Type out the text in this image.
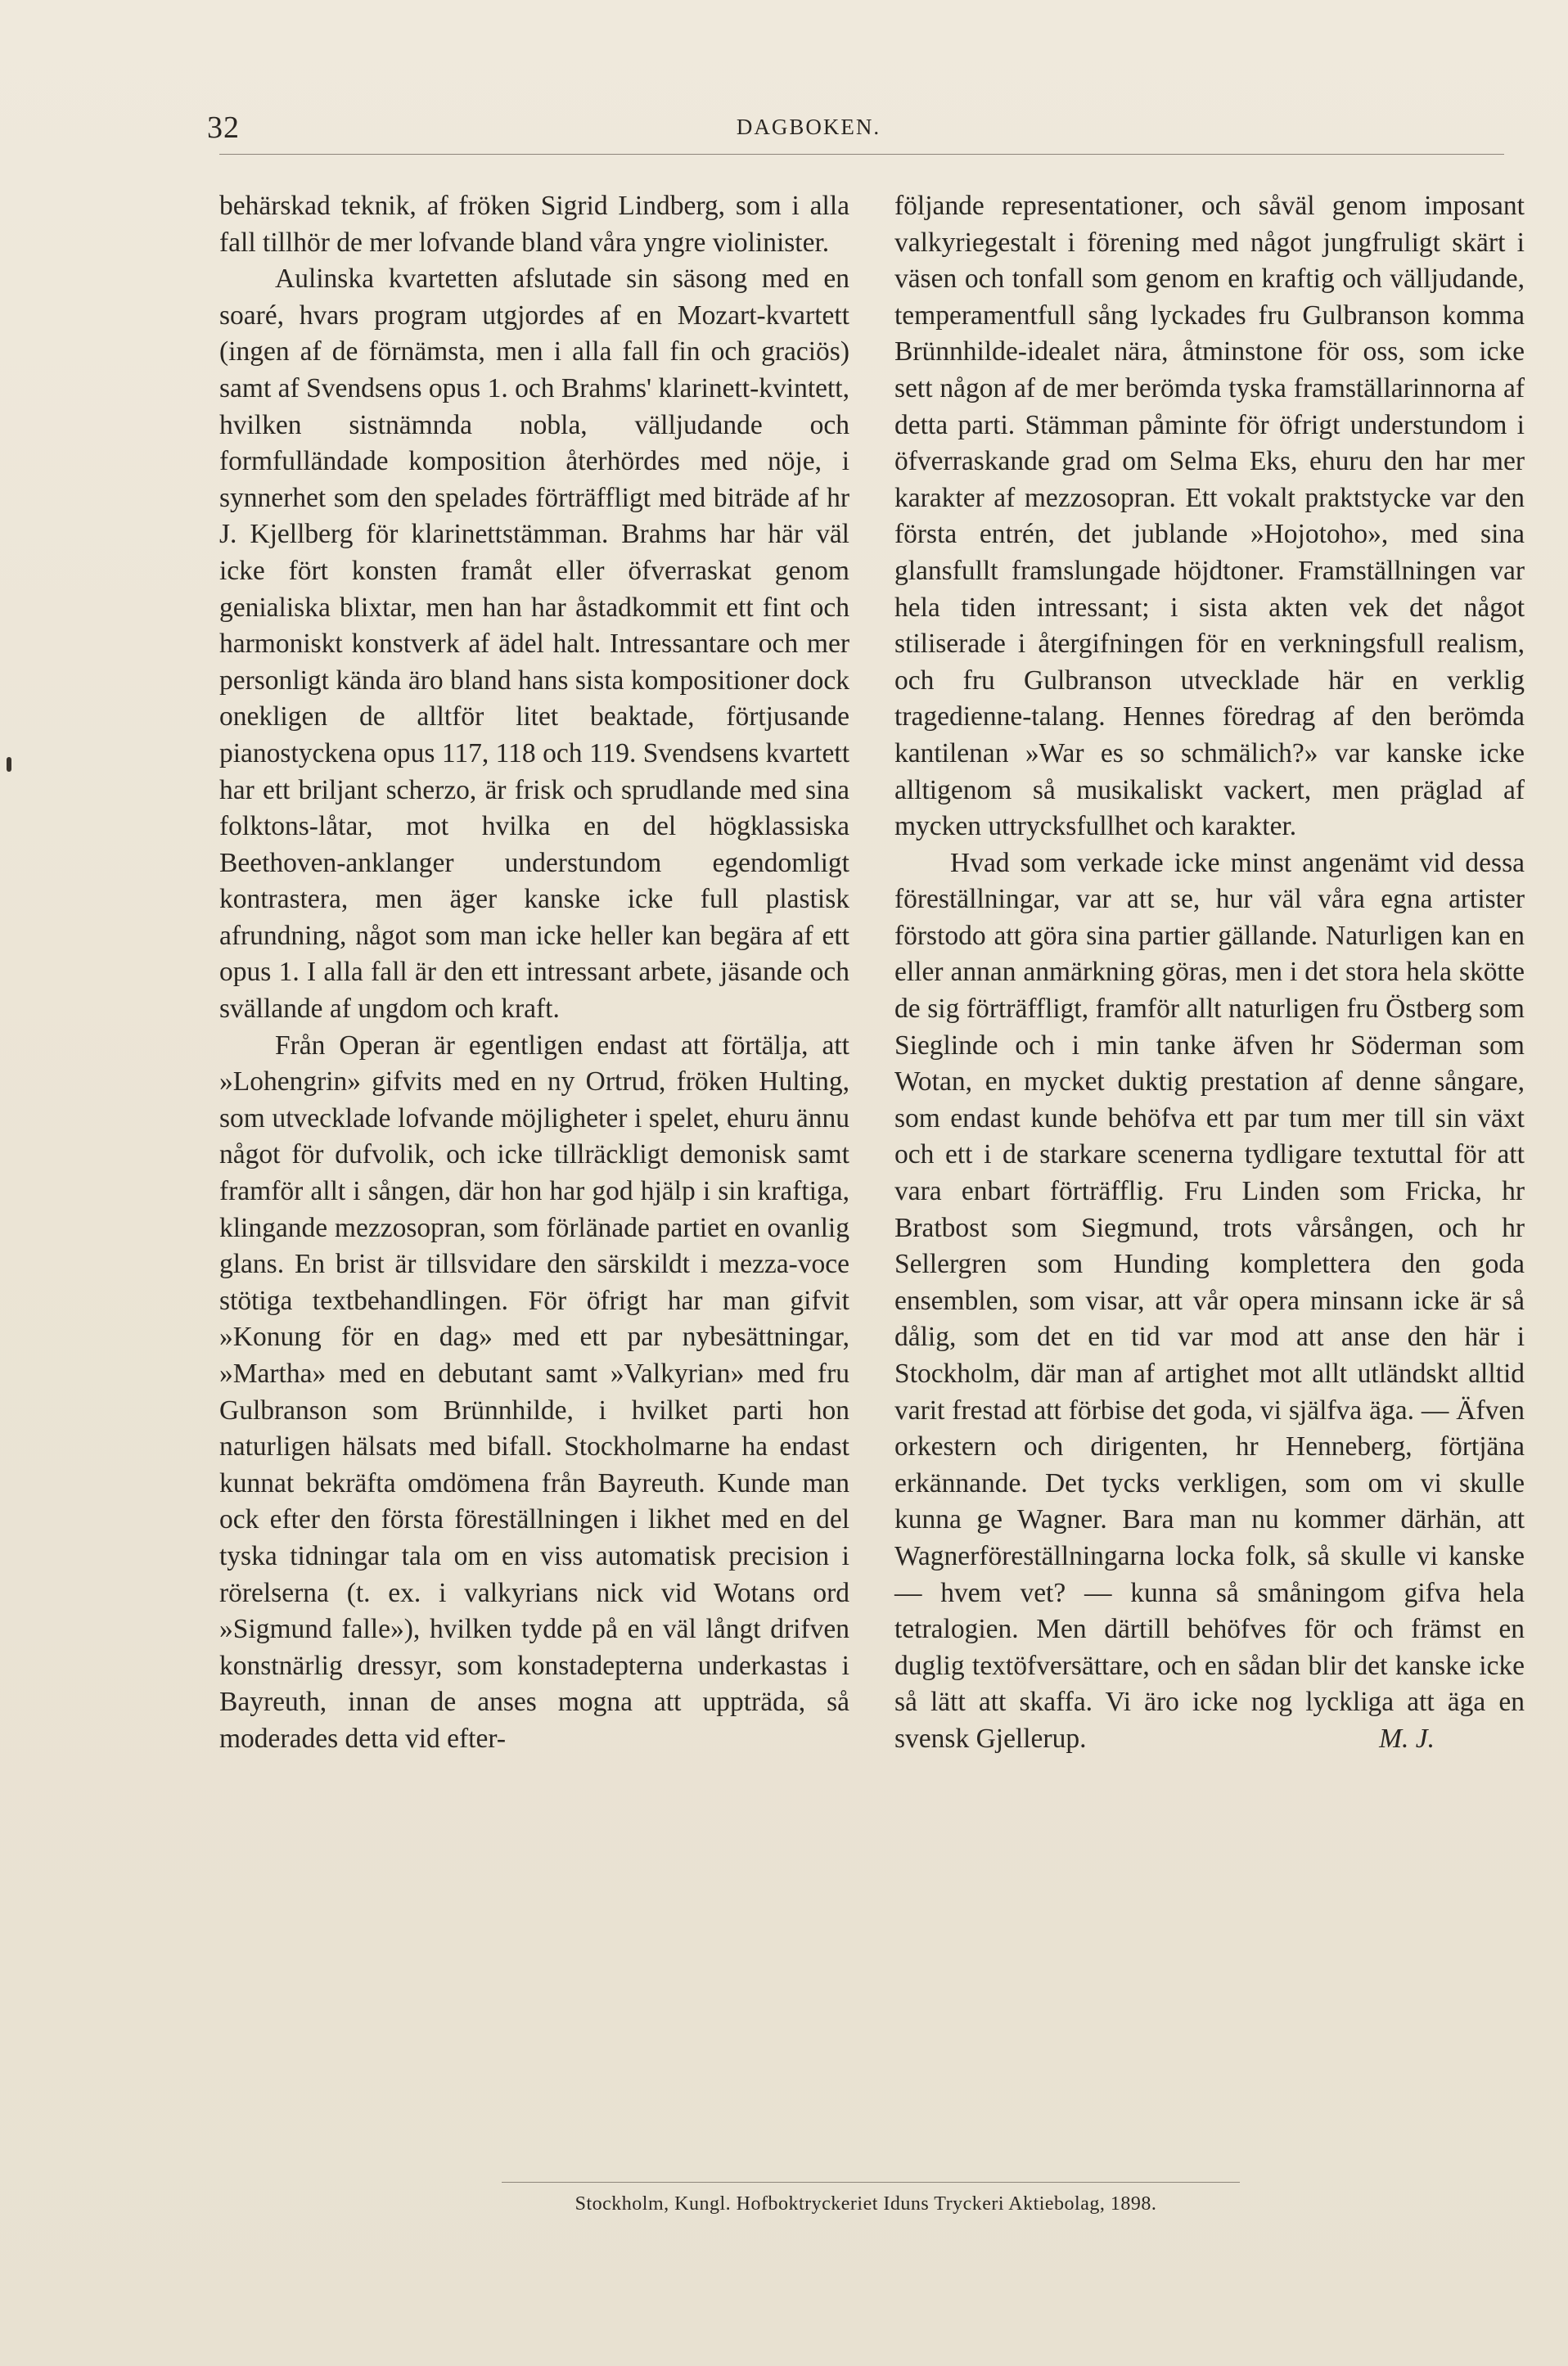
32	DAGBOKEN.

behärskad teknik, af fröken Sigrid Lindberg, som i alla fall tillhör de mer lofvande bland våra yngre violinister.

Aulinska kvartetten afslutade sin säsong med en soaré, hvars program utgjordes af en Mozart-kvartett (ingen af de förnämsta, men i alla fall fin och graciös) samt af Svendsens opus 1. och Brahms' klarinett-kvintett, hvilken sistnämnda nobla, välljudande och formfulländade komposition återhördes med nöje, i synnerhet som den spelades förträffligt med biträde af hr J. Kjellberg för klarinettstämman. Brahms har här väl icke fört konsten framåt eller öfverraskat genom genialiska blixtar, men han har åstadkommit ett fint och harmoniskt konstverk af ädel halt. Intressantare och mer personligt kända äro bland hans sista kompositioner dock onekligen de alltför litet beaktade, förtjusande pianostyckena opus 117, 118 och 119. Svendsens kvartett har ett briljant scherzo, är frisk och sprudlande med sina folktons-låtar, mot hvilka en del högklassiska Beethoven-anklanger understundom egendomligt kontrastera, men äger kanske icke full plastisk afrundning, något som man icke heller kan begära af ett opus 1. I alla fall är den ett intressant arbete, jäsande och svällande af ungdom och kraft.

Från Operan är egentligen endast att förtälja, att »Lohengrin» gifvits med en ny Ortrud, fröken Hulting, som utvecklade lofvande möjligheter i spelet, ehuru ännu något för dufvolik, och icke tillräckligt demonisk samt framför allt i sången, där hon har god hjälp i sin kraftiga, klingande mezzosopran, som förlänade partiet en ovanlig glans. En brist är tillsvidare den särskildt i mezza-voce stötiga textbehandlingen. För öfrigt har man gifvit »Konung för en dag» med ett par nybesättningar, »Martha» med en debutant samt »Valkyrian» med fru Gulbranson som Brünnhilde, i hvilket parti hon naturligen hälsats med bifall. Stockholmarne ha endast kunnat bekräfta omdömena från Bayreuth. Kunde man ock efter den första föreställningen i likhet med en del tyska tidningar tala om en viss automatisk precision i rörelserna (t. ex. i valkyrians nick vid Wotans ord »Sigmund falle»), hvilken tydde på en väl långt drifven konstnärlig dressyr, som konstadepterna underkastas i Bayreuth, innan de anses mogna att uppträda, så moderades detta vid efter-

följande representationer, och såväl genom imposant valkyriegestalt i förening med något jungfruligt skärt i väsen och tonfall som genom en kraftig och välljudande, temperamentfull sång lyckades fru Gulbranson komma Brünnhilde-idealet nära, åtminstone för oss, som icke sett någon af de mer berömda tyska framställarinnorna af detta parti. Stämman påminte för öfrigt understundom i öfverraskande grad om Selma Eks, ehuru den har mer karakter af mezzosopran. Ett vokalt praktstycke var den första entrén, det jublande »Hojotoho», med sina glansfullt framslungade höjdtoner. Framställningen var hela tiden intressant; i sista akten vek det något stiliserade i återgifningen för en verkningsfull realism, och fru Gulbranson utvecklade här en verklig tragedienne-talang. Hennes föredrag af den berömda kantilenan »War es so schmälich?» var kanske icke alltigenom så musikaliskt vackert, men präglad af mycken uttrycksfullhet och karakter.

Hvad som verkade icke minst angenämt vid dessa föreställningar, var att se, hur väl våra egna artister förstodo att göra sina partier gällande. Naturligen kan en eller annan anmärkning göras, men i det stora hela skötte de sig förträffligt, framför allt naturligen fru Östberg som Sieglinde och i min tanke äfven hr Söderman som Wotan, en mycket duktig prestation af denne sångare, som endast kunde behöfva ett par tum mer till sin växt och ett i de starkare scenerna tydligare textuttal för att vara enbart förträfflig. Fru Linden som Fricka, hr Bratbost som Siegmund, trots vårsången, och hr Sellergren som Hunding komplettera den goda ensemblen, som visar, att vår opera minsann icke är så dålig, som det en tid var mod att anse den här i Stockholm, där man af artighet mot allt utländskt alltid varit frestad att förbise det goda, vi själfva äga. — Äfven orkestern och dirigenten, hr Henneberg, förtjäna erkännande. Det tycks verkligen, som om vi skulle kunna ge Wagner. Bara man nu kommer därhän, att Wagnerföreställningarna locka folk, så skulle vi kanske — hvem vet? — kunna så småningom gifva hela tetralogien. Men därtill behöfves för och främst en duglig textöfversättare, och en sådan blir det kanske icke så lätt att skaffa. Vi äro icke nog lyckliga att äga en svensk Gjellerup.	M. J.

Stockholm, Kungl. Hofboktryckeriet Iduns Tryckeri Aktiebolag, 1898.
